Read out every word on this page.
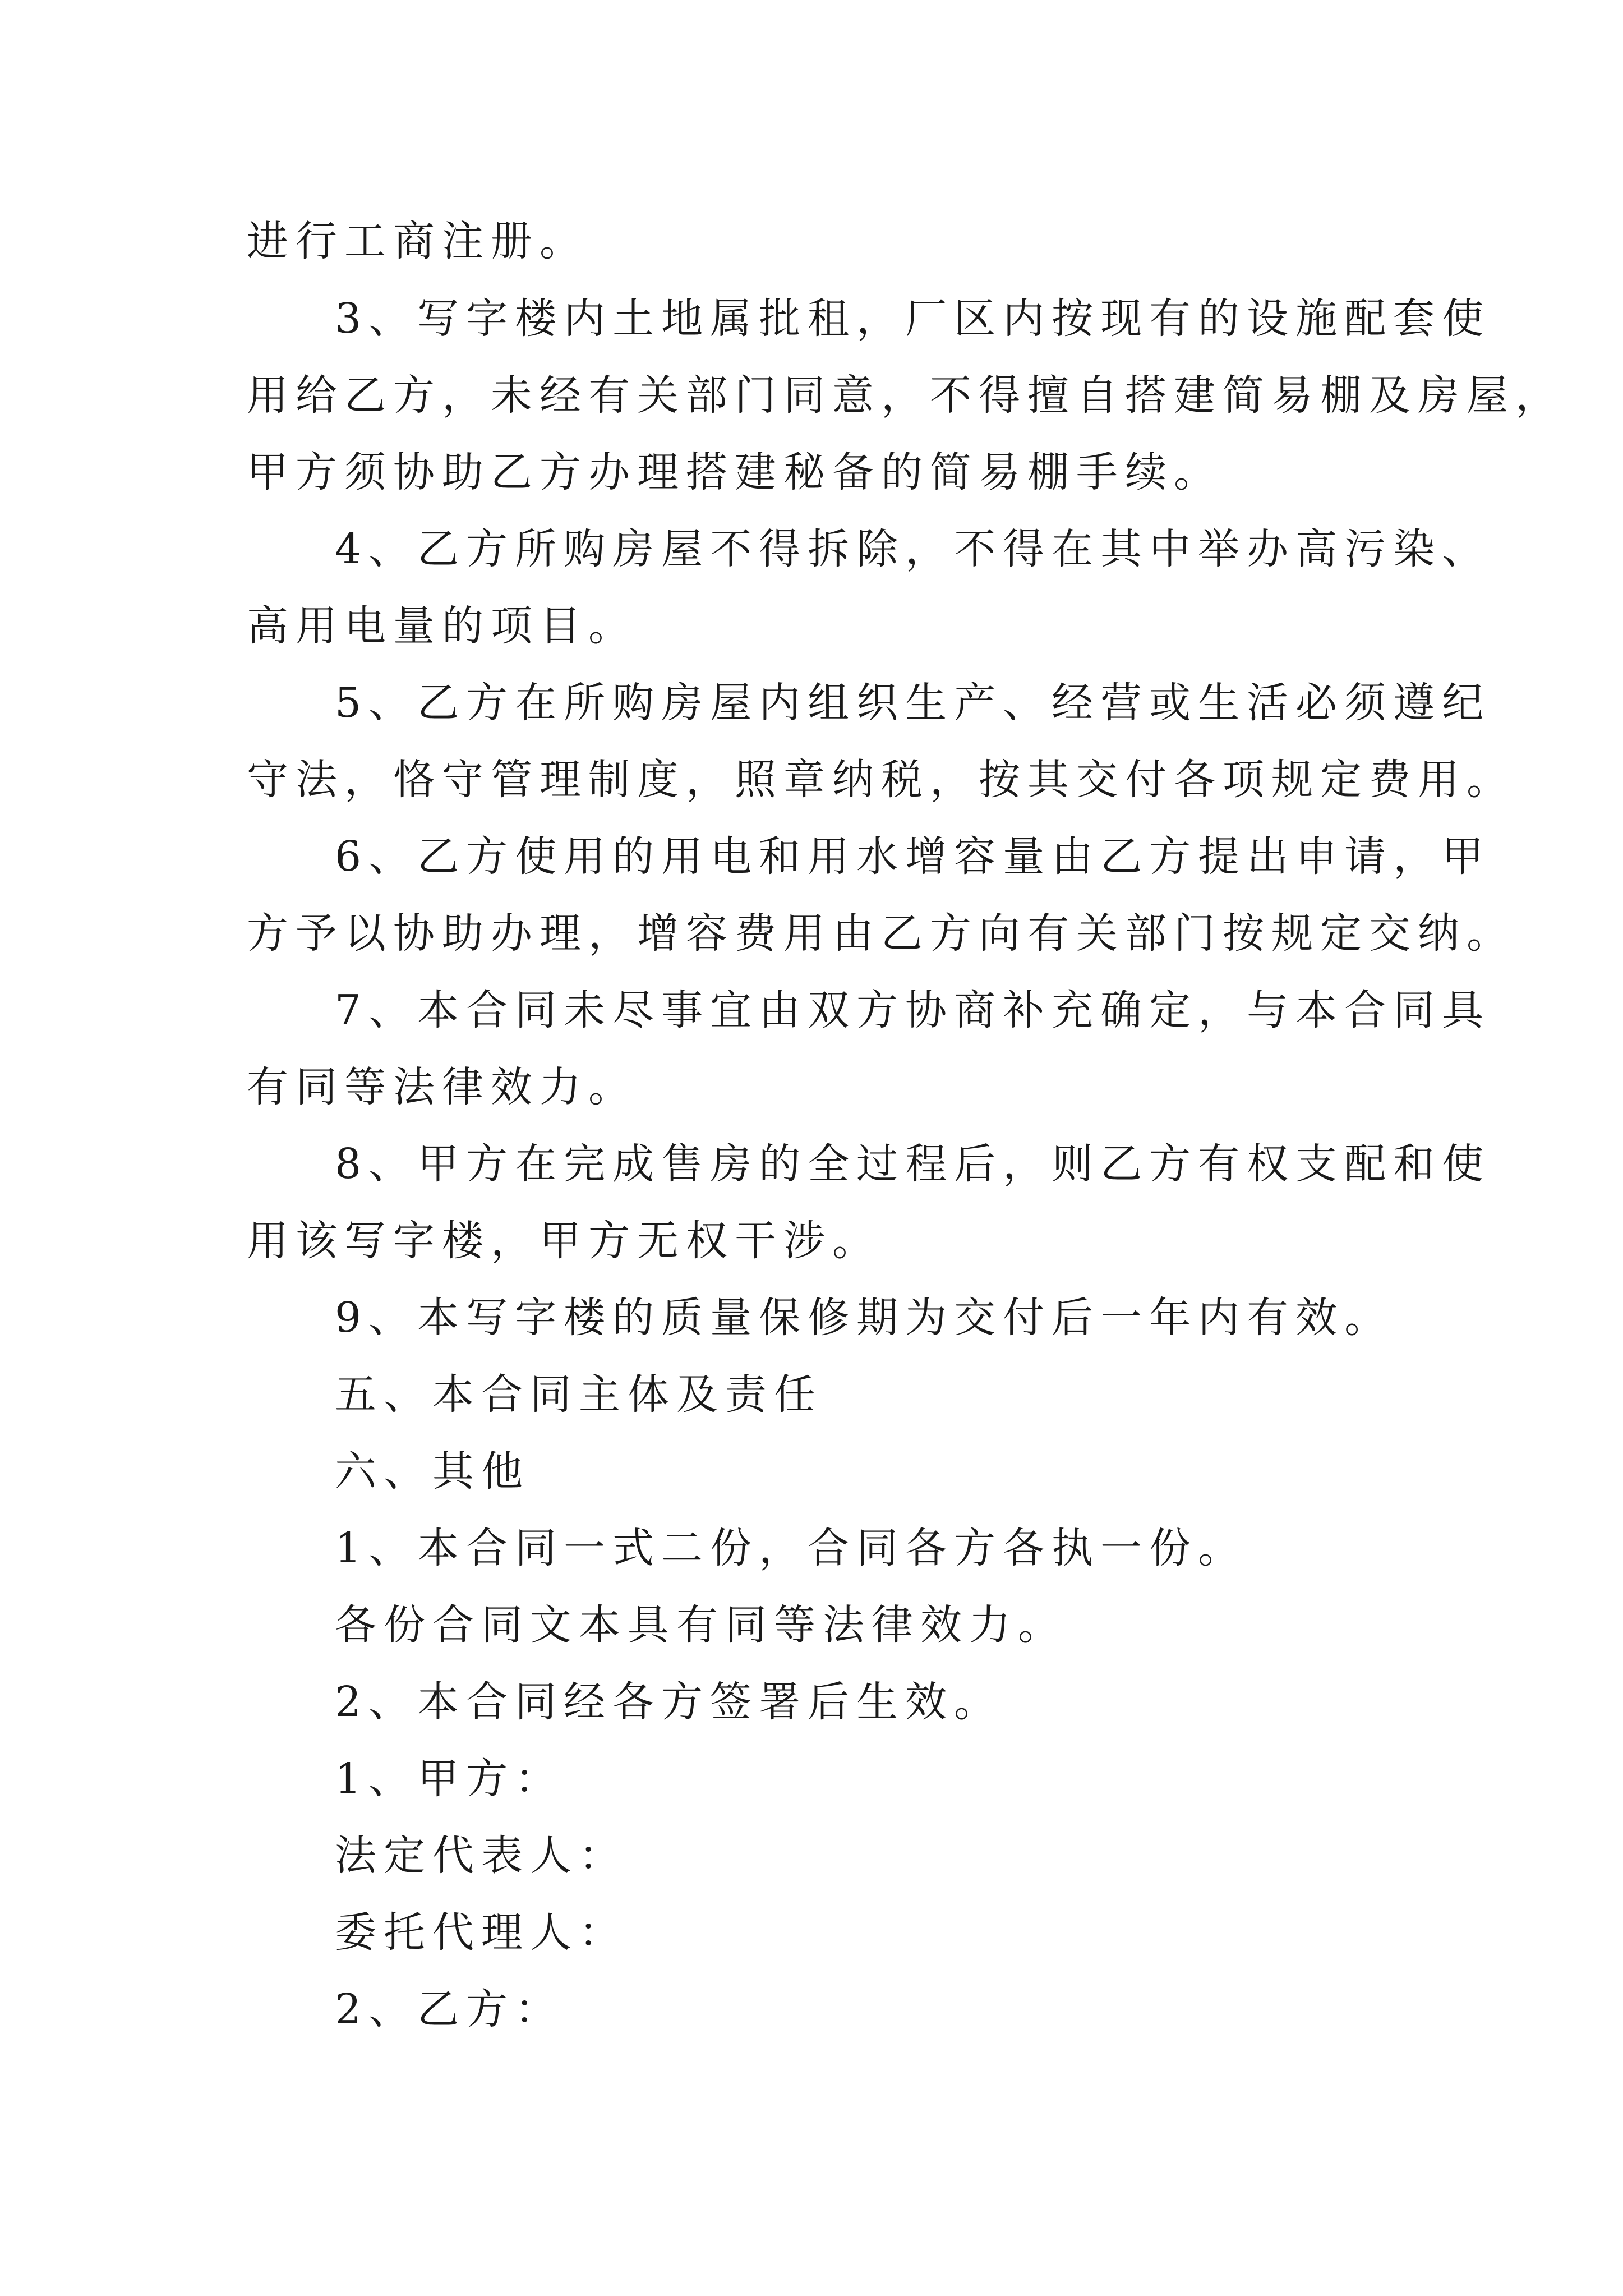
进行工商注册。

3、写字楼内土地属批租，厂区内按现有的设施配套使

用给乙方，未经有关部门同意，不得擅自搭建简易棚及房屋，

甲方须协助乙方办理搭建秘备的简易棚手续。

4、乙方所购房屋不得拆除，不得在其中举办高污染、

高用电量的项目。

5、乙方在所购房屋内组织生产、经营或生活必须遵纪

守法，恪守管理制度，照章纳税，按其交付各项规定费用。

6、乙方使用的用电和用水增容量由乙方提出申请，甲

方予以协助办理，增容费用由乙方向有关部门按规定交纳。

7、本合同未尽事宜由双方协商补充确定，与本合同具

有同等法律效力。

8、甲方在完成售房的全过程后，则乙方有权支配和使

用该写字楼，甲方无权干涉。

9、本写字楼的质量保修期为交付后一年内有效。

五、本合同主体及责任

六、其他

1、本合同一式二份，合同各方各执一份。

各份合同文本具有同等法律效力。

2、本合同经各方签署后生效。

1、甲方：

法定代表人：

委托代理人：

2、乙方：
